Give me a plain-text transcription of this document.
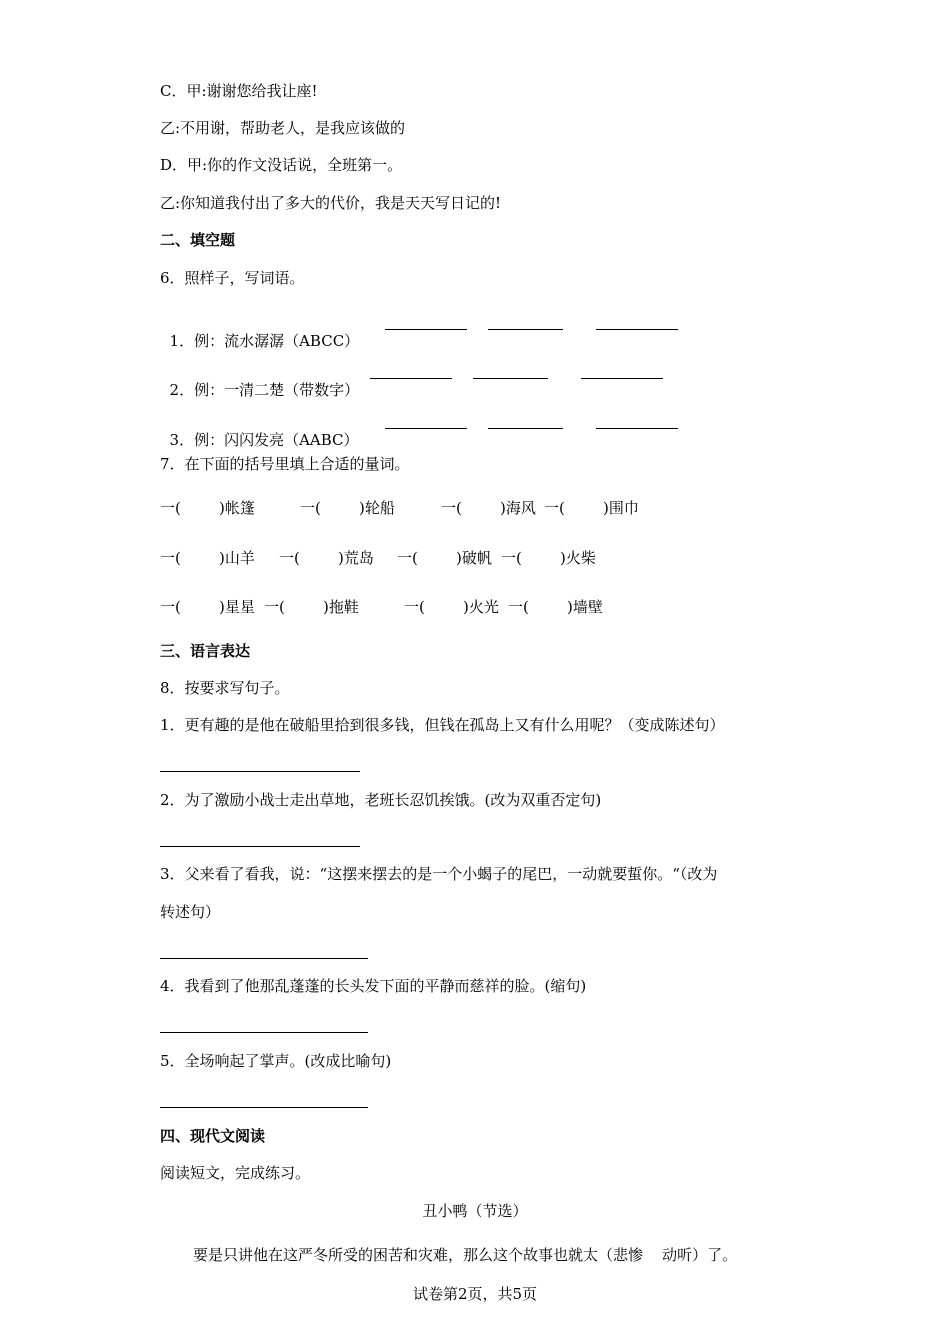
C．甲:谢谢您给我让座!
乙:不用谢，帮助老人，是我应该做的
D．甲:你的作文没话说，全班第一。
乙:你知道我付出了多大的代价，我是天天写日记的!
二、填空题
6．照样子，写词语。

1．例：流水潺潺（ABCC）

2．例：一清二楚（带数字）

3．例：闪闪发亮（AABC）

7．在下面的括号里填上合适的量词。
一(        )帐篷	一(        )轮船	一(        )海风 一(        )围巾
一(        )山羊 一(        )荒岛 一(        )破帆 一(        )火柴
一(        )星星 一(        )拖鞋	一(        )火光 一(        )墙壁
三、语言表达
8．按要求写句子。
1．更有趣的是他在破船里拾到很多钱，但钱在孤岛上又有什么用呢？（变成陈述句）
2．为了激励小战士走出草地，老班长忍饥挨饿。(改为双重否定句)
3．父来看了看我，说：“这摆来摆去的是一个小蝎子的尾巴，一动就要蜇你。“（改为
转述句）
4．我看到了他那乱蓬蓬的长头发下面的平静而慈祥的脸。(缩句)
5．全场响起了掌声。(改成比喻句)
四、现代文阅读
阅读短文，完成练习。
丑小鸭（节选）
要是只讲他在这严冬所受的困苦和灾难，那么这个故事也就太（悲惨    动听）了。
试卷第2页，共5页
